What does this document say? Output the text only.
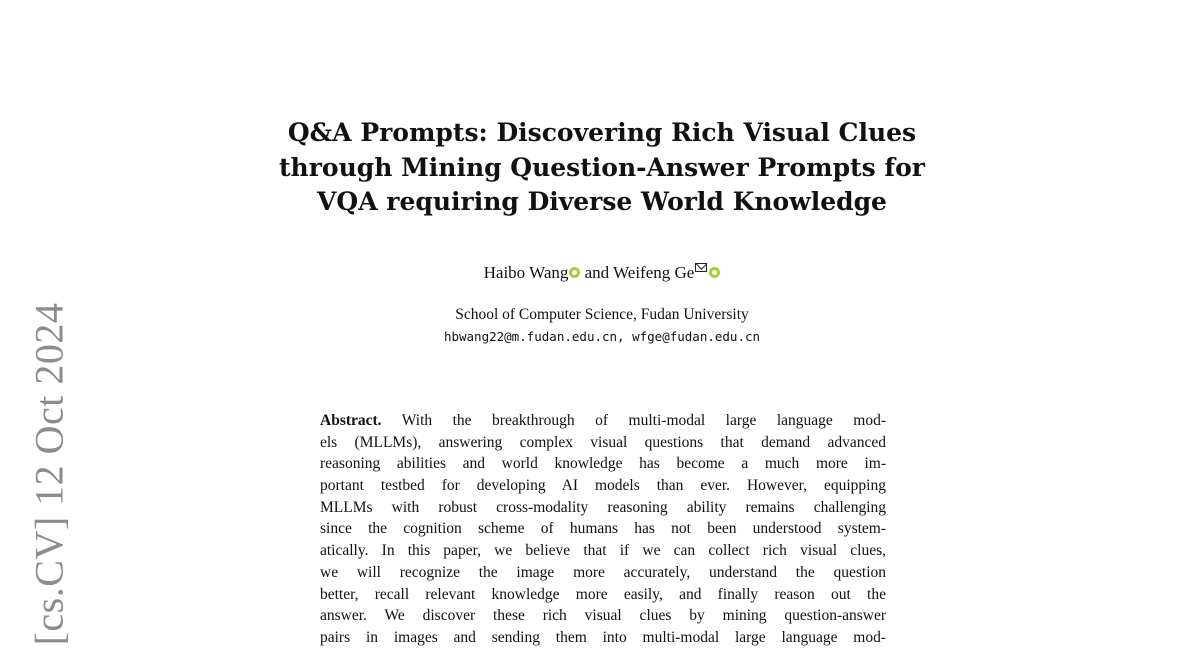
[cs.CV] 12 Oct 2024
Q&A Prompts: Discovering Rich Visual Clues
through Mining Question-Answer Prompts for
VQA requiring Diverse World Knowledge
Haibo Wang and Weifeng Ge
School of Computer Science, Fudan University
hbwang22@m.fudan.edu.cn, wfge@fudan.edu.cn
Abstract. With the breakthrough of multi-modal large language mod-
els (MLLMs), answering complex visual questions that demand advanced
reasoning abilities and world knowledge has become a much more im-
portant testbed for developing AI models than ever. However, equipping
MLLMs with robust cross-modality reasoning ability remains challenging
since the cognition scheme of humans has not been understood system-
atically. In this paper, we believe that if we can collect rich visual clues,
we will recognize the image more accurately, understand the question
better, recall relevant knowledge more easily, and finally reason out the
answer. We discover these rich visual clues by mining question-answer
pairs in images and sending them into multi-modal large language mod-
